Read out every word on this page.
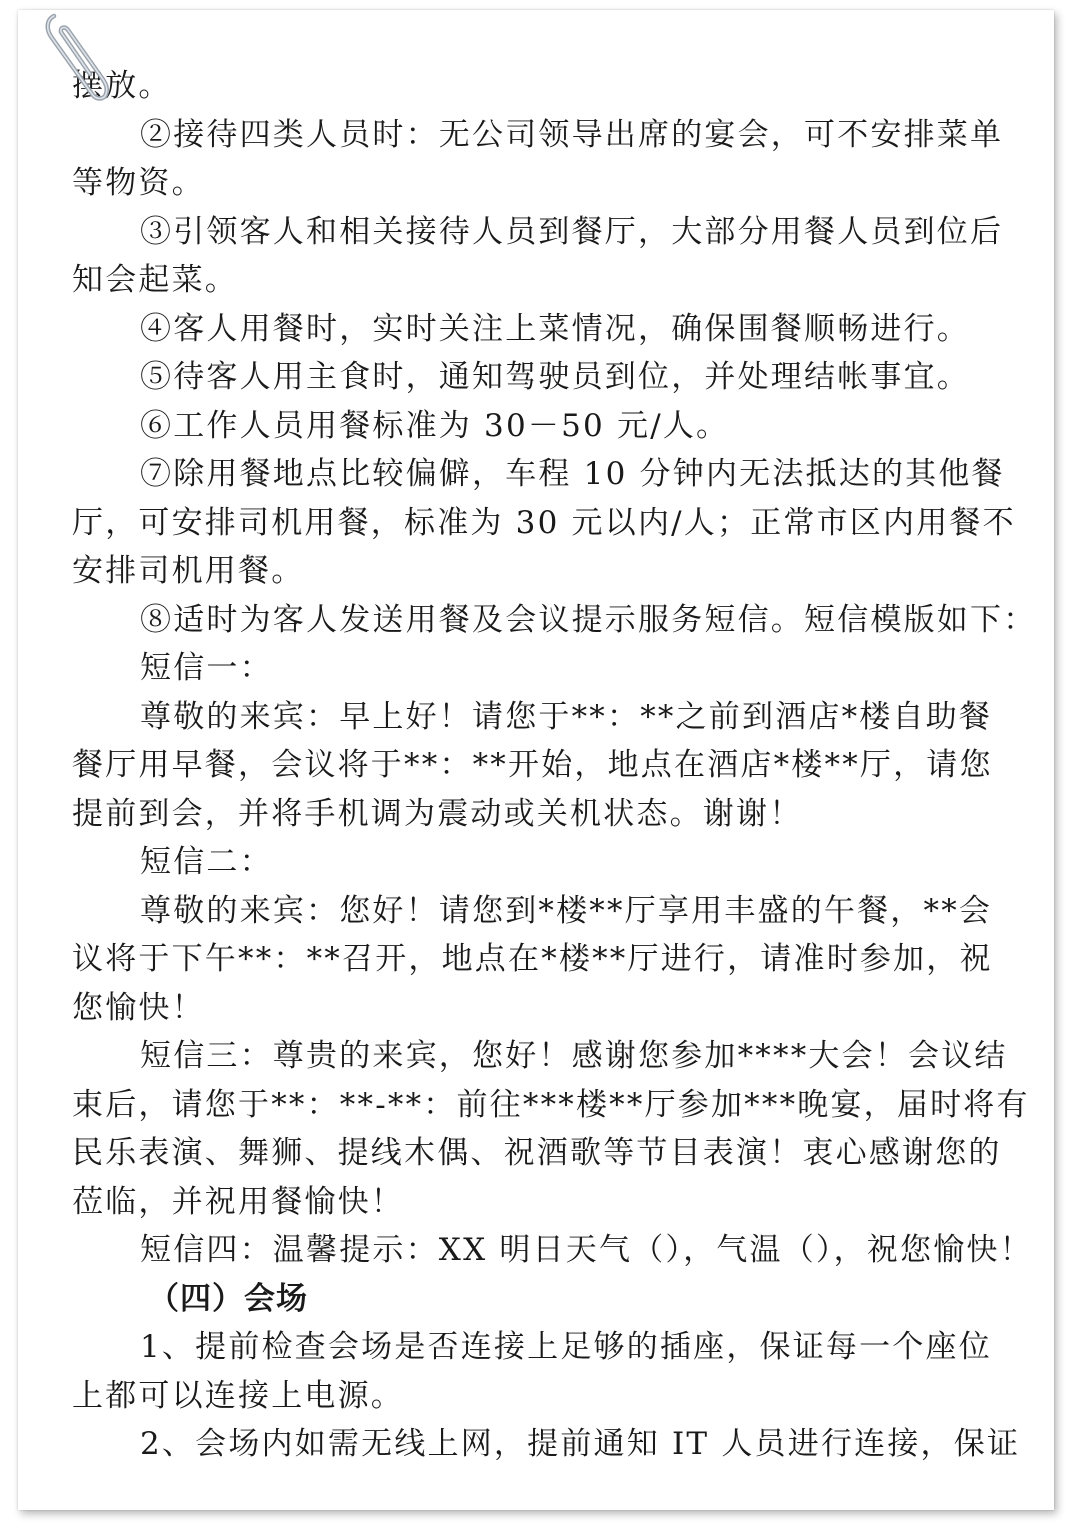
摆放。
②接待四类人员时：无公司领导出席的宴会，可不安排菜单
等物资。
③引领客人和相关接待人员到餐厅，大部分用餐人员到位后
知会起菜。
④客人用餐时，实时关注上菜情况，确保围餐顺畅进行。
⑤待客人用主食时，通知驾驶员到位，并处理结帐事宜。
⑥工作人员用餐标准为 30－50 元/人。
⑦除用餐地点比较偏僻，车程 10 分钟内无法抵达的其他餐
厅，可安排司机用餐，标准为 30 元以内/人；正常市区内用餐不
安排司机用餐。
⑧适时为客人发送用餐及会议提示服务短信。短信模版如下：
短信一：
尊敬的来宾：早上好！请您于**：**之前到酒店*楼自助餐
餐厅用早餐，会议将于**：**开始，地点在酒店*楼**厅，请您
提前到会，并将手机调为震动或关机状态。谢谢！
短信二：
尊敬的来宾：您好！请您到*楼**厅享用丰盛的午餐，**会
议将于下午**：**召开，地点在*楼**厅进行，请准时参加，祝
您愉快！
短信三：尊贵的来宾，您好！感谢您参加****大会！会议结
束后，请您于**：**-**：前往***楼**厅参加***晚宴，届时将有
民乐表演、舞狮、提线木偶、祝酒歌等节目表演！衷心感谢您的
莅临，并祝用餐愉快！
短信四：温馨提示：XX 明日天气（），气温（），祝您愉快！
（四）会场
1、提前检查会场是否连接上足够的插座，保证每一个座位
上都可以连接上电源。
2、会场内如需无线上网，提前通知 IT 人员进行连接，保证
